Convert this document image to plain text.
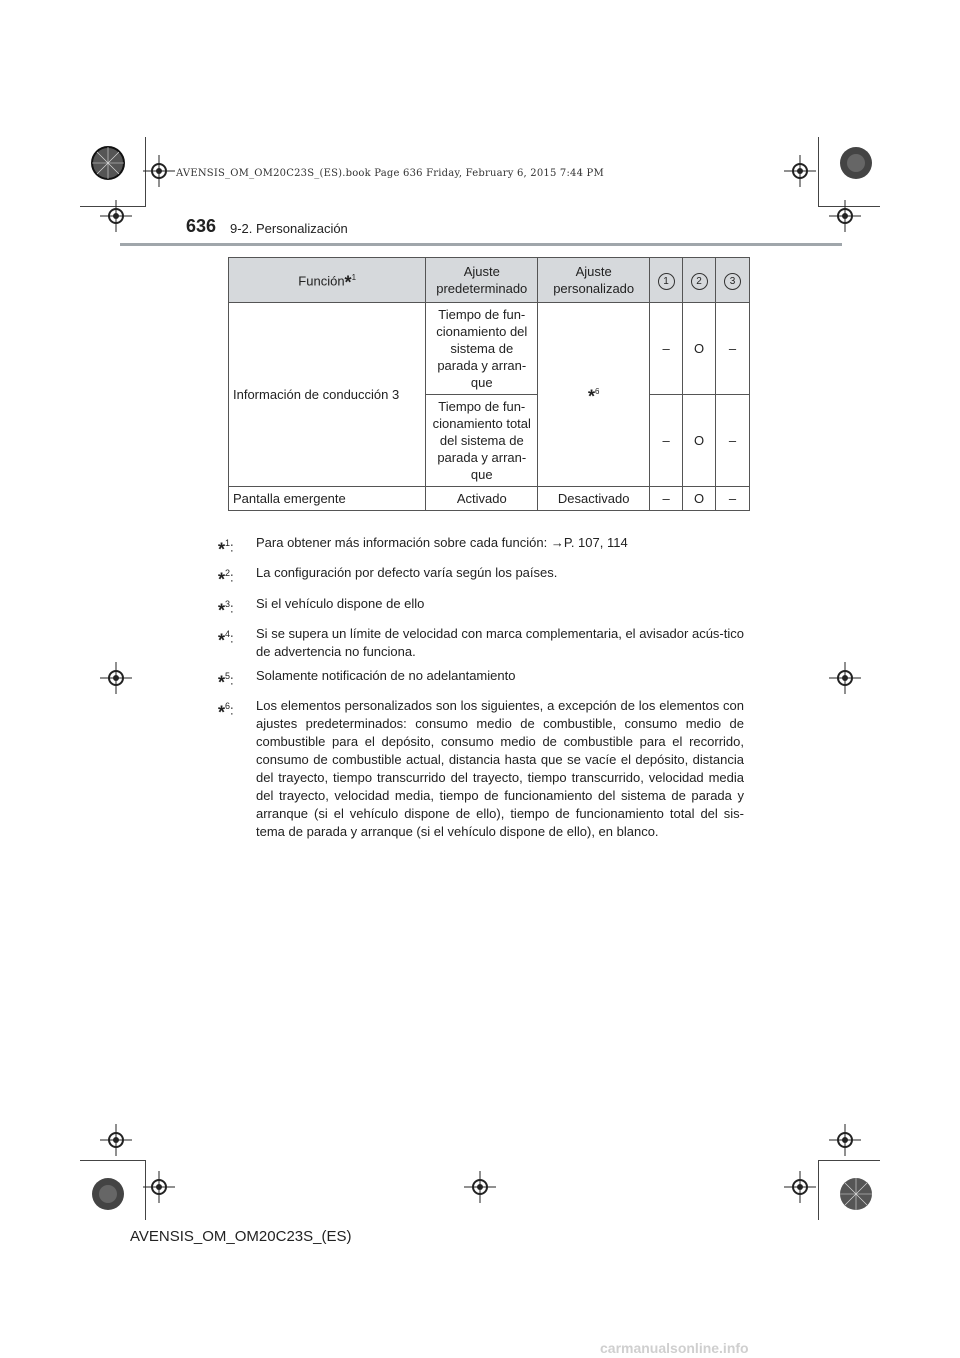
AVENSIS_OM_OM20C23S_(ES).book Page 636 Friday, February 6, 2015 7:44 PM
636 9-2. Personalización
Función*$^1$	Ajuste predeterminado	Ajuste personalizado	1	2	3
Información de conducción 3	Tiempo de fun-cionamiento del sistema de parada y arran-que	*$^6$	–	O	–
	Tiempo de fun-cionamiento total del sistema de parada y arran-que		–	O	–
Pantalla emergente	Activado	Desactivado	–	O	–
*$^1$:	Para obtener más información sobre cada función: →P. 107, 114
*$^2$:	La configuración por defecto varía según los países.
*$^3$:	Si el vehículo dispone de ello
*$^4$:	Si se supera un límite de velocidad con marca complementaria, el avisador acús-tico de advertencia no funciona.
*$^5$:	Solamente notificación de no adelantamiento
*$^6$:	Los elementos personalizados son los siguientes, a excepción de los elementos con ajustes predeterminados: consumo medio de combustible, consumo medio de combustible para el depósito, consumo medio de combustible para el recorrido, consumo de combustible actual, distancia hasta que se vacíe el depósito, distancia del trayecto, tiempo transcurrido del trayecto, tiempo transcurrido, velocidad media del trayecto, velocidad media, tiempo de funcionamiento del sistema de parada y arranque (si el vehículo dispone de ello), tiempo de funcionamiento total del sis-tema de parada y arranque (si el vehículo dispone de ello), en blanco.
AVENSIS_OM_OM20C23S_(ES)
carmanualsonline.info
